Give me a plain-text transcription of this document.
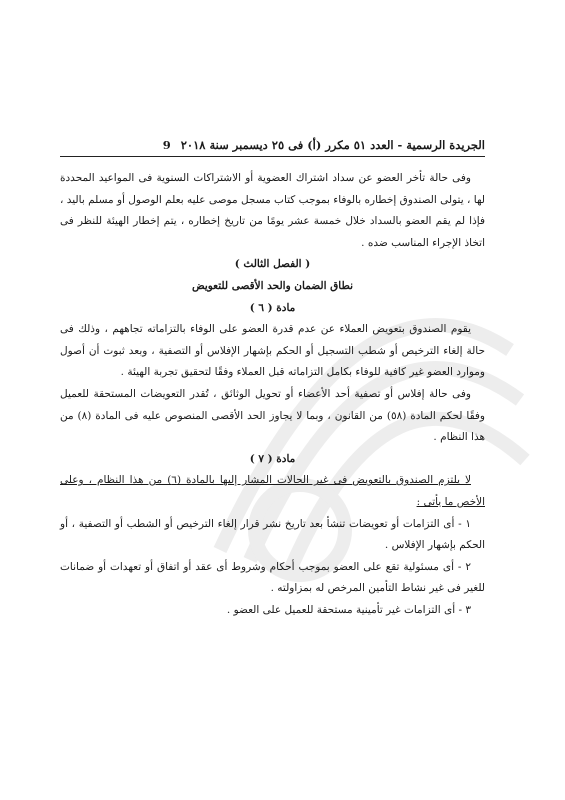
الجريدة الرسمية - العدد ٥١ مكرر (أ) فى ٢٥ ديسمبر سنة ٢٠١٨
9

وفى حالة تأخر العضو عن سداد اشتراك العضوية أو الاشتراكات السنوية فى المواعيد المحددة لها ، يتولى الصندوق إخطاره بالوفاء بموجب كتاب مسجل موصى عليه بعلم الوصول أو مسلم باليد ، فإذا لم يقم العضو بالسداد خلال خمسة عشر يومًا من تاريخ إخطاره ، يتم إخطار الهيئة للنظر فى اتخاذ الإجراء المناسب ضده .

( الفصل الثالث )

نطاق الضمان والحد الأقصى للتعويض

مادة ( ٦ )

يقوم الصندوق بتعويض العملاء عن عدم قدرة العضو على الوفاء بالتزاماته تجاههم ، وذلك فى حالة إلغاء الترخيص أو شطب التسجيل أو الحكم بإشهار الإفلاس أو التصفية ، وبعد ثبوت أن أصول وموارد العضو غير كافية للوفاء بكامل التزاماته قبل العملاء وفقًا لتحقيق تجربة الهيئة .

وفى حالة إفلاس أو تصفية أحد الأعضاء أو تحويل الوثائق ، تُقدر التعويضات المستحقة للعميل وفقًا لحكم المادة (٥٨) من القانون ، وبما لا يجاوز الحد الأقصى المنصوص عليه فى المادة (٨) من هذا النظام .

مادة ( ٧ )

لا يلتزم الصندوق بالتعويض فى غير الحالات المشار إليها بالمادة (٦) من هذا النظام ، وعلى الأخص ما يأتى :

١ - أى التزامات أو تعويضات تنشأ بعد تاريخ نشر قرار إلغاء الترخيص أو الشطب أو التصفية ، أو الحكم بإشهار الإفلاس .

٢ - أى مسئولية تقع على العضو بموجب أحكام وشروط أى عقد أو اتفاق أو تعهدات أو ضمانات للغير فى غير نشاط التأمين المرخص له بمزاولته .

٣ - أى التزامات غير تأمينية مستحقة للعميل على العضو .
